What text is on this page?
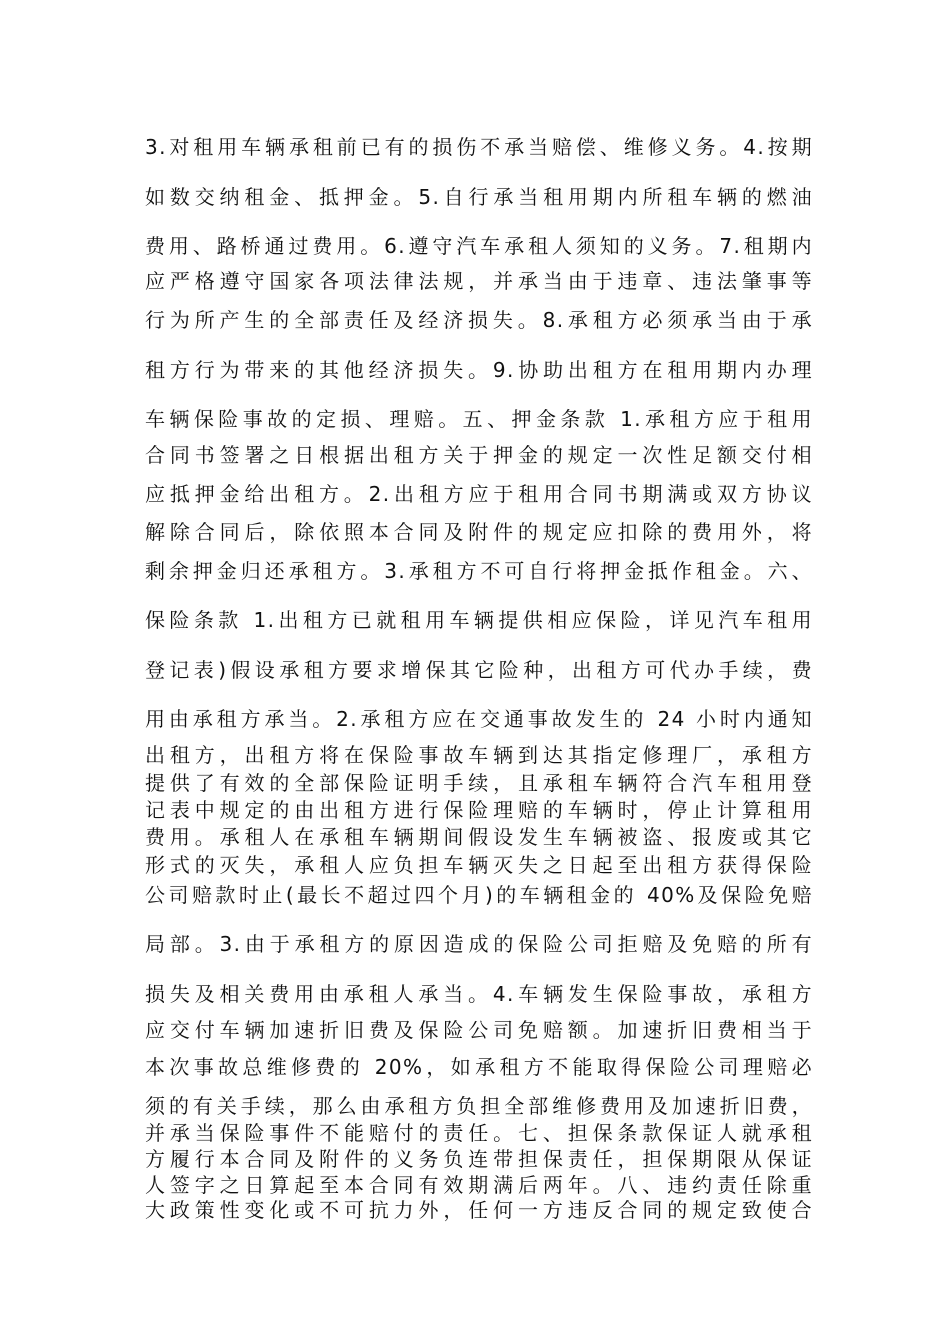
3.对租用车辆承租前已有的损伤不承当赔偿、维修义务。4.按期
如数交纳租金、抵押金。5.自行承当租用期内所租车辆的燃油
费用、路桥通过费用。6.遵守汽车承租人须知的义务。7.租期内
应严格遵守国家各项法律法规，并承当由于违章、违法肇事等
行为所产生的全部责任及经济损失。8.承租方必须承当由于承
租方行为带来的其他经济损失。9.协助出租方在租用期内办理
车辆保险事故的定损、理赔。五、押金条款 1.承租方应于租用
合同书签署之日根据出租方关于押金的规定一次性足额交付相
应抵押金给出租方。2.出租方应于租用合同书期满或双方协议
解除合同后，除依照本合同及附件的规定应扣除的费用外，将
剩余押金归还承租方。3.承租方不可自行将押金抵作租金。六、
保险条款 1.出租方已就租用车辆提供相应保险，详见汽车租用
登记表)假设承租方要求增保其它险种，出租方可代办手续，费
用由承租方承当。2.承租方应在交通事故发生的 24 小时内通知
出租方，出租方将在保险事故车辆到达其指定修理厂，承租方
提供了有效的全部保险证明手续，且承租车辆符合汽车租用登
记表中规定的由出租方进行保险理赔的车辆时，停止计算租用
费用。承租人在承租车辆期间假设发生车辆被盗、报废或其它
形式的灭失，承租人应负担车辆灭失之日起至出租方获得保险
公司赔款时止(最长不超过四个月)的车辆租金的 40%及保险免赔
局部。3.由于承租方的原因造成的保险公司拒赔及免赔的所有
损失及相关费用由承租人承当。4.车辆发生保险事故，承租方
应交付车辆加速折旧费及保险公司免赔额。加速折旧费相当于
本次事故总维修费的 20%，如承租方不能取得保险公司理赔必
须的有关手续，那么由承租方负担全部维修费用及加速折旧费，
并承当保险事件不能赔付的责任。七、担保条款保证人就承租
方履行本合同及附件的义务负连带担保责任，担保期限从保证
人签字之日算起至本合同有效期满后两年。八、违约责任除重
大政策性变化或不可抗力外，任何一方违反合同的规定致使合
